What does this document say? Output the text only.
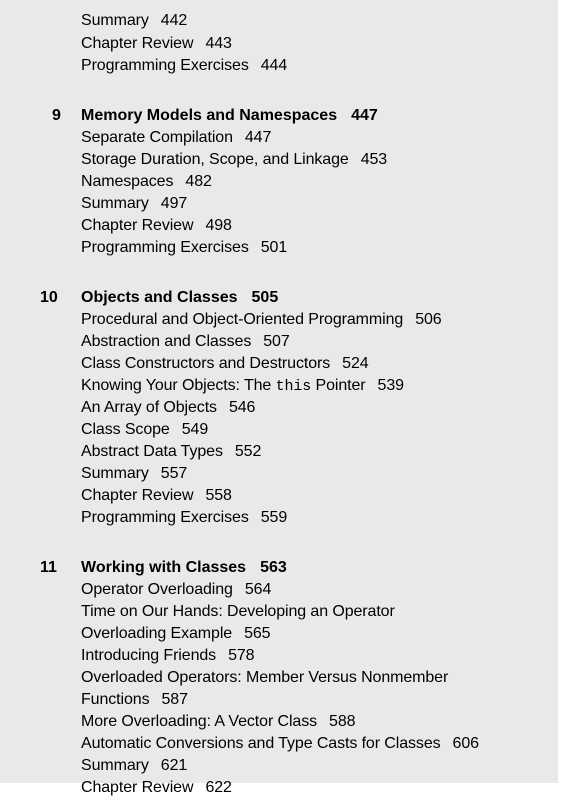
Summary 442
Chapter Review 443
Programming Exercises 444
9 Memory Models and Namespaces 447
Separate Compilation 447
Storage Duration, Scope, and Linkage 453
Namespaces 482
Summary 497
Chapter Review 498
Programming Exercises 501
10 Objects and Classes 505
Procedural and Object-Oriented Programming 506
Abstraction and Classes 507
Class Constructors and Destructors 524
Knowing Your Objects: The this Pointer 539
An Array of Objects 546
Class Scope 549
Abstract Data Types 552
Summary 557
Chapter Review 558
Programming Exercises 559
11 Working with Classes 563
Operator Overloading 564
Time on Our Hands: Developing an Operator
Overloading Example 565
Introducing Friends 578
Overloaded Operators: Member Versus Nonmember
Functions 587
More Overloading: A Vector Class 588
Automatic Conversions and Type Casts for Classes 606
Summary 621
Chapter Review 622
